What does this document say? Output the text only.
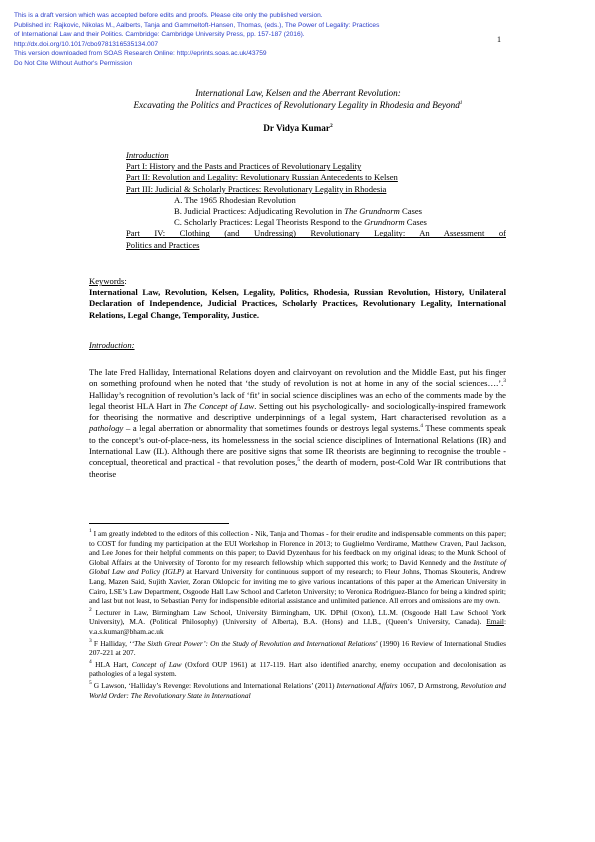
This is a draft version which was accepted before edits and proofs. Please cite only the published version.
Published in: Rajkovic, Nikolas M., Aalberts, Tanja and Gammeltoft-Hansen, Thomas, (eds.), The Power of Legality: Practices
of International Law and their Politics. Cambridge: Cambridge University Press, pp. 157-187 (2016).
http://dx.doi.org/10.1017/cbo9781316535134.007
This version downloaded from SOAS Research Online: http://eprints.soas.ac.uk/43759
Do Not Cite Without Author's Permission
1
International Law, Kelsen and the Aberrant Revolution:
Excavating the Politics and Practices of Revolutionary Legality in Rhodesia and Beyond$^1$
Dr Vidya Kumar$^2$
Introduction
Part I: History and the Pasts and Practices of Revolutionary Legality
Part II: Revolution and Legality: Revolutionary Russian Antecedents to Kelsen
Part III: Judicial & Scholarly Practices: Revolutionary Legality in Rhodesia
A. The 1965 Rhodesian Revolution
B. Judicial Practices: Adjudicating Revolution in The Grundnorm Cases
C. Scholarly Practices: Legal Theorists Respond to the Grundnorm Cases
Part IV: Clothing (and Undressing) Revolutionary Legality: An Assessment of
Politics and Practices
Keywords:
International Law, Revolution, Kelsen, Legality, Politics, Rhodesia, Russian Revolution, History, Unilateral Declaration of Independence, Judicial Practices, Scholarly Practices, Revolutionary Legality, International Relations, Legal Change, Temporality, Justice.
Introduction:
The late Fred Halliday, International Relations doyen and clairvoyant on revolution and the Middle East, put his finger on something profound when he noted that ‘the study of revolution is not at home in any of the social sciences….’.$^3$ Halliday’s recognition of revolution’s lack of ‘fit’ in social science disciplines was an echo of the comments made by the legal theorist HLA Hart in The Concept of Law. Setting out his psychologically- and sociologically-inspired framework for theorising the normative and descriptive underpinnings of a legal system, Hart characterised revolution as a pathology – a legal aberration or abnormality that sometimes founds or destroys legal systems.$^4$ These comments speak to the concept’s out-of-place-ness, its homelessness in the social science disciplines of International Relations (IR) and International Law (IL). Although there are positive signs that some IR theorists are beginning to recognise the trouble - conceptual, theoretical and practical - that revolution poses,$^5$ the dearth of modern, post-Cold War IR contributions that theorise

$^1$ I am greatly indebted to the editors of this collection - Nik, Tanja and Thomas - for their erudite and indispensable comments on this paper; to COST for funding my participation at the EUI Workshop in Florence in 2013; to Guglielmo Verdirame, Matthew Craven, Paul Jackson, and Lee Jones for their helpful comments on this paper; to David Dyzenhaus for his feedback on my original ideas; to the Munk School of Global Affairs at the University of Toronto for my research fellowship which supported this work; to David Kennedy and the Institute of Global Law and Policy (IGLP) at Harvard University for continuous support of my research; to Fleur Johns, Thomas Skouteris, Andrew Lang, Mazen Said, Sujith Xavier, Zoran Oklopcic for inviting me to give various incantations of this paper at the American University in Cairo, LSE’s Law Department, Osgoode Hall Law School and Carleton University; to Veronica Rodriguez-Blanco for being a kindred spirit; and last but not least, to Sebastian Perry for indispensible editorial assistance and unlimited patience. All errors and omissions are my own.

$^2$ Lecturer in Law, Birmingham Law School, University Birmingham, UK. DPhil (Oxon), LL.M. (Osgoode Hall Law School York University), M.A. (Political Philosophy) (University of Alberta), B.A. (Hons) and LLB., (Queen’s University, Canada). Email: v.a.s.kumar@bham.ac.uk

$^3$ F Halliday, ‘‘The Sixth Great Power’: On the Study of Revolution and International Relations’ (1990) 16 Review of International Studies 207-221 at 207.

$^4$ HLA Hart, Concept of Law (Oxford OUP 1961) at 117-119. Hart also identified anarchy, enemy occupation and decolonisation as pathologies of a legal system.

$^5$ G Lawson, ‘Halliday’s Revenge: Revolutions and International Relations’ (2011) International Affairs 1067, D Armstrong, Revolution and World Order: The Revolutionary State in International
